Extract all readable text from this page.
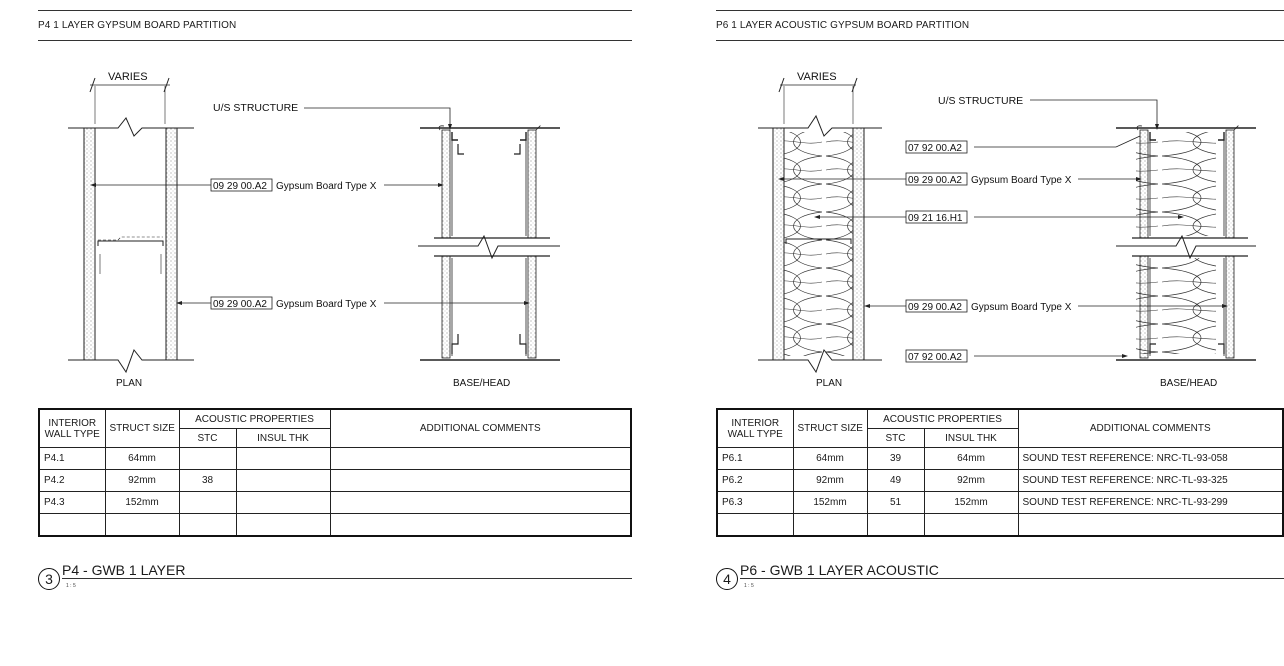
P4 1 LAYER GYPSUM BOARD PARTITION
VARIES
PLAN
U/S STRUCTURE
09 29 00.A2 Gypsum Board Type X
09 29 00.A2 Gypsum Board Type X
BASE/HEAD
INTERIOR
WALL TYPE	STRUCT SIZE	ACOUSTIC PROPERTIES		ADDITIONAL COMMENTS
		STC	INSUL THK	
P4.1	64mm			
P4.2	92mm	38		
P4.3	152mm			

3
P4 - GWB 1 LAYER
1 : 5
P6 1 LAYER ACOUSTIC GYPSUM BOARD PARTITION
VARIES
PLAN	BASE/HEAD
U/S STRUCTURE
07 92 00.A2
09 29 00.A2 Gypsum Board Type X
09 21 16.H1
09 29 00.A2 Gypsum Board Type X
07 92 00.A2
INTERIOR
WALL TYPE	STRUCT SIZE	ACOUSTIC PROPERTIES		ADDITIONAL COMMENTS
		STC	INSUL THK	
P6.1	64mm	39	64mm	SOUND TEST REFERENCE: NRC-TL-93-058
P6.2	92mm	49	92mm	SOUND TEST REFERENCE: NRC-TL-93-325
P6.3	152mm	51	152mm	SOUND TEST REFERENCE: NRC-TL-93-299

4
P6 - GWB 1 LAYER ACOUSTIC
1 : 5
